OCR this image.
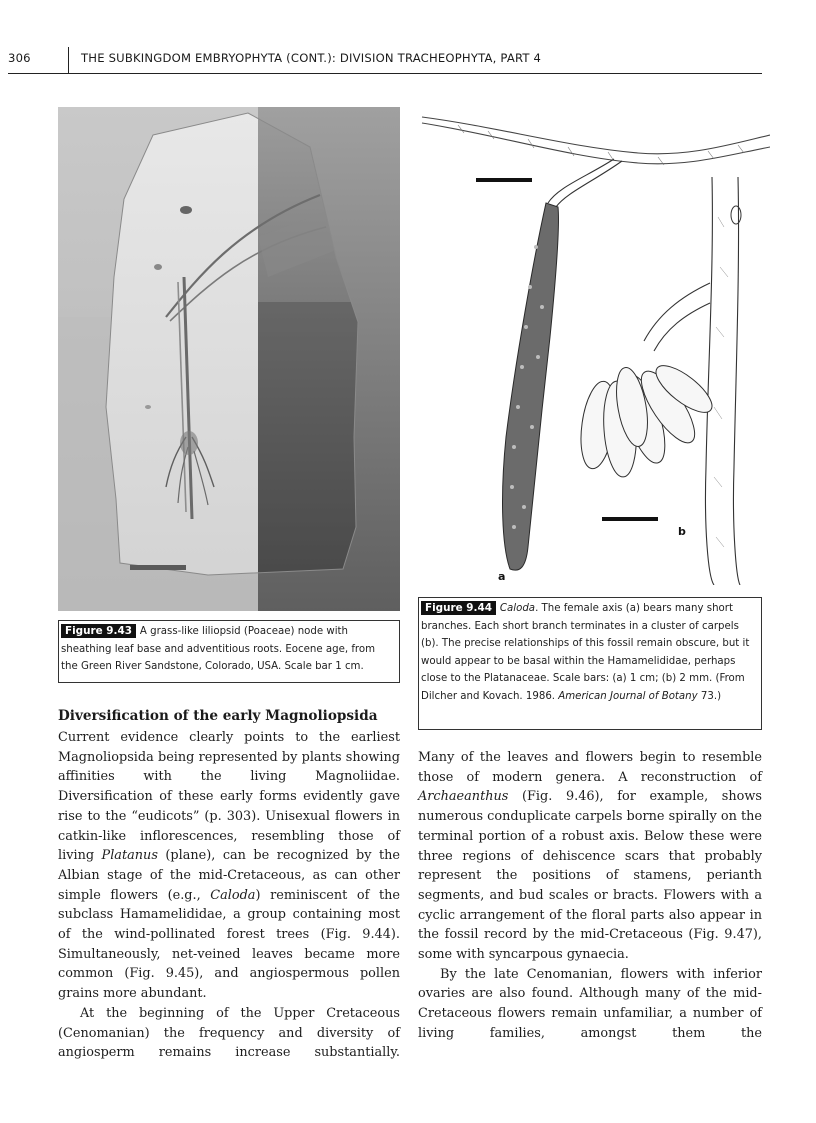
306	THE SUBKINGDOM EMBRYOPHYTA (CONT.): DIVISION TRACHEOPHYTA, PART 4
a
b
Figure 9.43 A grass-like liliopsid (Poaceae) node with sheathing leaf base and adventitious roots. Eocene age, from the Green River Sandstone, Colorado, USA. Scale bar 1 cm.
Figure 9.44 Caloda. The female axis (a) bears many short branches. Each short branch terminates in a cluster of carpels (b). The precise relationships of this fossil remain obscure, but it would appear to be basal within the Hamamelididae, perhaps close to the Platanaceae. Scale bars: (a) 1 cm; (b) 2 mm. (From Dilcher and Kovach. 1986. American Journal of Botany 73.)
Diversification of the early Magnoliopsida

Current evidence clearly points to the earliest Magnoliopsida being represented by plants showing affinities with the living Magnoliidae. Diversification of these early forms evidently gave rise to the “eudicots” (p. 303). Unisexual flowers in catkin-like inflorescences, resembling those of living Platanus (plane), can be recognized by the Albian stage of the mid-Cretaceous, as can other simple flowers (e.g., Caloda) reminiscent of the subclass Hamamelididae, a group containing most of the wind-pollinated forest trees (Fig. 9.44). Simultaneously, net-veined leaves became more common (Fig. 9.45), and angiospermous pollen grains more abundant.

At the beginning of the Upper Cretaceous (Cenomanian) the frequency and diversity of angiosperm remains increase substantially.

Many of the leaves and flowers begin to resemble those of modern genera. A reconstruction of Archaeanthus (Fig. 9.46), for example, shows numerous conduplicate carpels borne spirally on the terminal portion of a robust axis. Below these were three regions of dehiscence scars that probably represent the positions of stamens, perianth segments, and bud scales or bracts. Flowers with a cyclic arrangement of the floral parts also appear in the fossil record by the mid-Cretaceous (Fig. 9.47), some with syncarpous gynaecia.

By the late Cenomanian, flowers with inferior ovaries are also found. Although many of the mid-Cretaceous flowers remain unfamiliar, a number of living families, amongst them the
